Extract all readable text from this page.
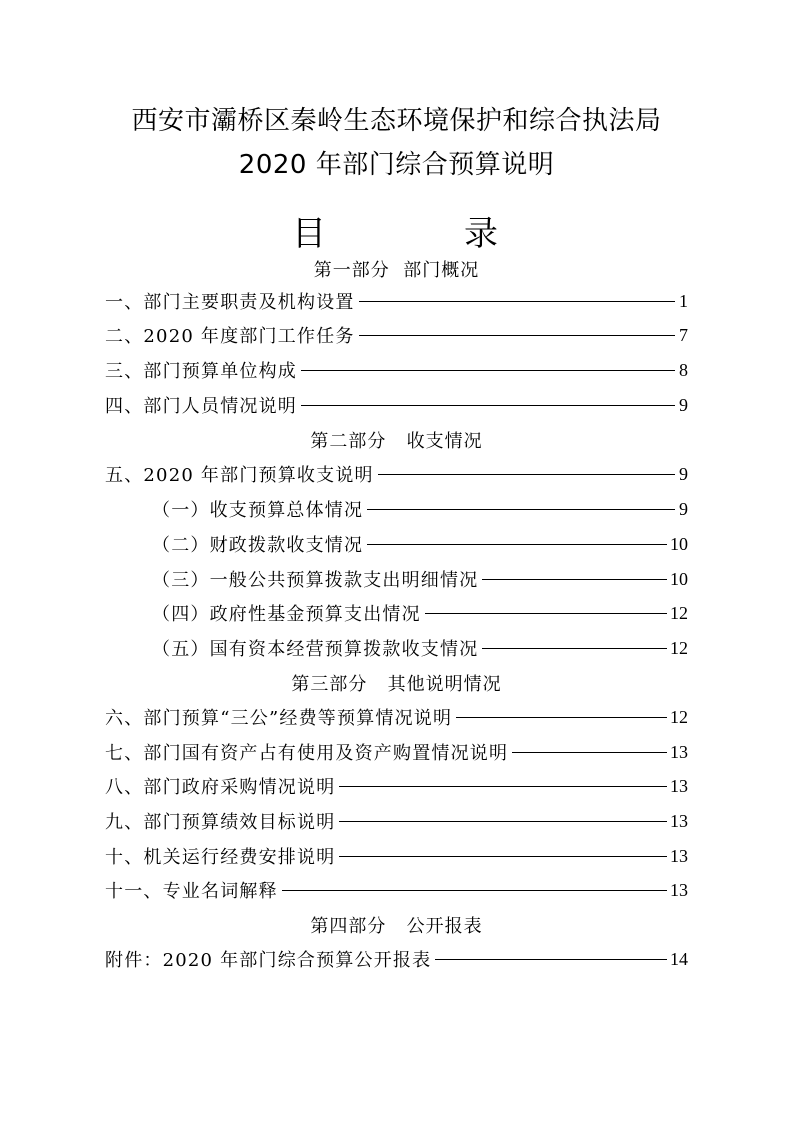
西安市灞桥区秦岭生态环境保护和综合执法局
2020 年部门综合预算说明
目	录
第一部分  部门概况
一、部门主要职责及机构设置	1
二、2020 年度部门工作任务	7
三、部门预算单位构成	8
四、部门人员情况说明	9
第二部分   收支情况
五、2020 年部门预算收支说明	9
（一）收支预算总体情况	9
（二）财政拨款收支情况	10
（三）一般公共预算拨款支出明细情况	10
（四）政府性基金预算支出情况	12
（五）国有资本经营预算拨款收支情况	12
第三部分   其他说明情况
六、部门预算“三公”经费等预算情况说明	12
七、部门国有资产占有使用及资产购置情况说明	13
八、部门政府采购情况说明	13
九、部门预算绩效目标说明	13
十、机关运行经费安排说明	13
十一、专业名词解释	13
第四部分   公开报表
附件：2020 年部门综合预算公开报表	14
